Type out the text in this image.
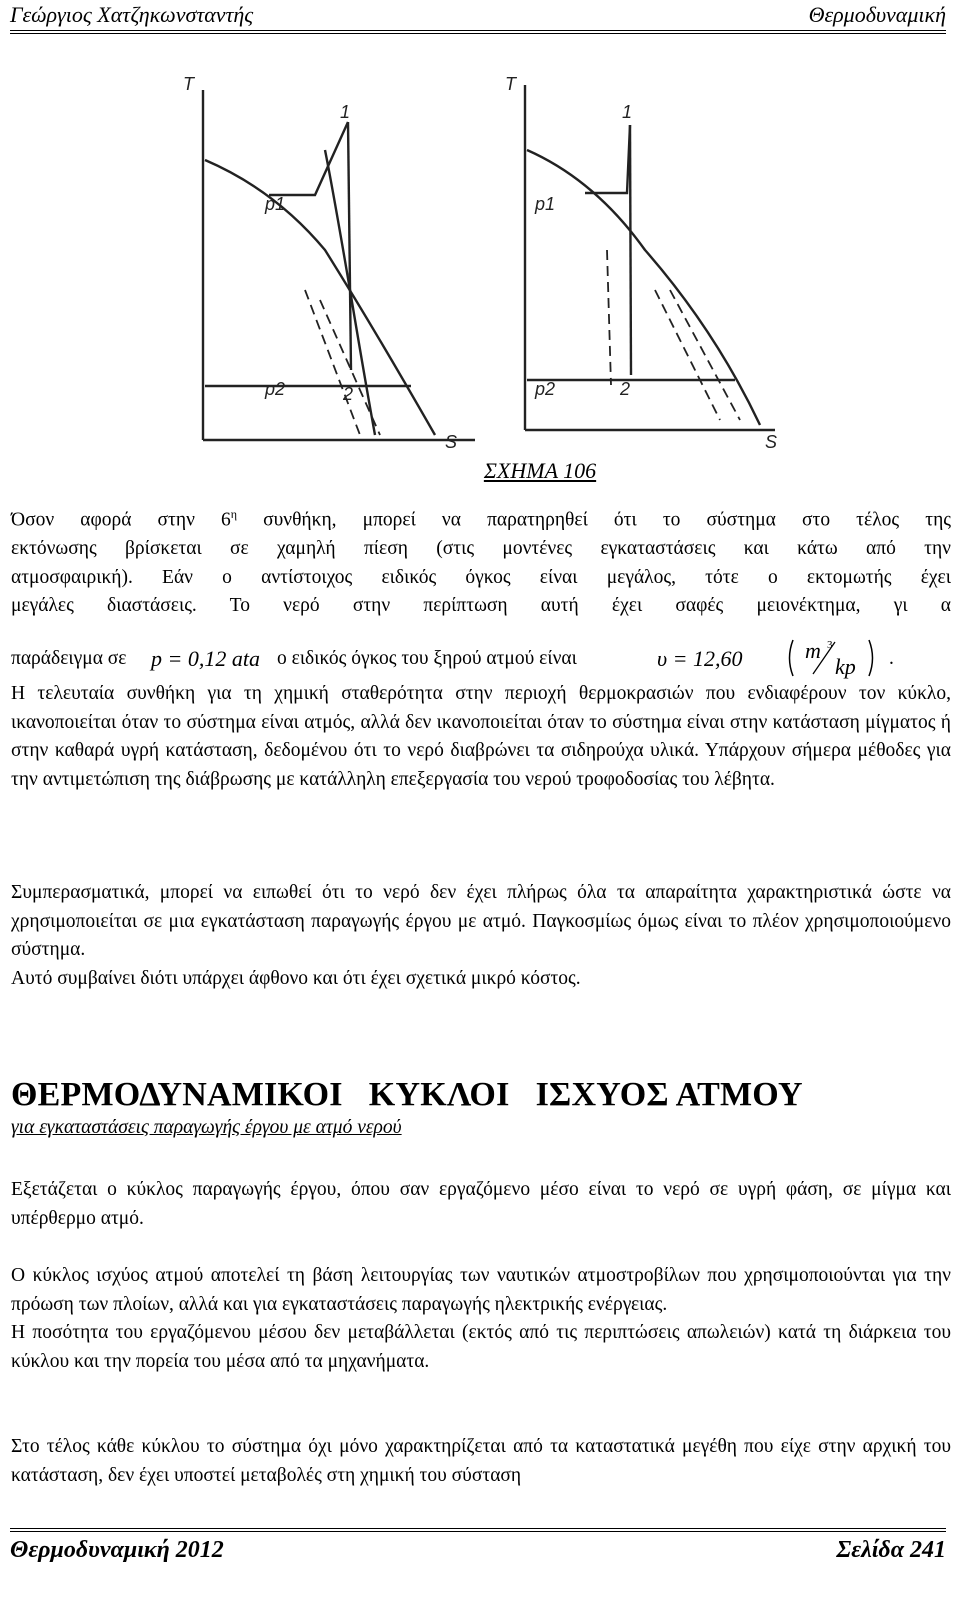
Γεώργιος Χατζηκωνσταντής	Θερμοδυναμική
T
S
p1
p2
1
2
T
S
p1
p2
1
2
ΣΧΗΜΑ 106

Όσον αφορά στην $6^\eta$ συνθήκη, μπορεί να παρατηρηθεί ότι το σύστημα στο τέλος της

εκτόνωσης βρίσκεται σε χαμηλή πίεση (στις μοντένες εγκαταστάσεις και κάτω από την

ατμοσφαιρική). Εάν ο αντίστοιχος ειδικός όγκος είναι μεγάλος, τότε ο εκτομωτής έχει

μεγάλες διαστάσεις. Το νερό στην περίπτωση αυτή έχει σαφές μειονέκτημα, γι α

παράδειγμα σε p = 0,12 ata ο ειδικός όγκος του ξηρού ατμού είναι	υ = 12,60	m 3
kp .
Η τελευταία συνθήκη για τη χημική σταθερότητα στην περιοχή θερμοκρασιών που ενδιαφέρουν τον κύκλο, ικανοποιείται όταν το σύστημα είναι ατμός, αλλά δεν ικανοποιείται όταν το σύστημα είναι στην κατάσταση μίγματος ή στην καθαρά υγρή κατάσταση, δεδομένου ότι το νερό διαβρώνει τα σιδηρούχα υλικά. Υπάρχουν σήμερα μέθοδες για την αντιμετώπιση της διάβρωσης με κατάλληλη επεξεργασία του νερού τροφοδοσίας του λέβητα.

Συμπερασματικά, μπορεί να ειπωθεί ότι το νερό δεν έχει πλήρως όλα τα απαραίτητα χαρακτηριστικά ώστε να χρησιμοποιείται σε μια εγκατάσταση παραγωγής έργου με ατμό. Παγκοσμίως όμως είναι το πλέον χρησιμοποιούμενο σύστημα.

Αυτό συμβαίνει διότι υπάρχει άφθονο και ότι έχει σχετικά μικρό κόστος.

ΘΕΡΜΟΔΥΝΑΜΙΚΟΙ   ΚΥΚΛΟΙ   ΙΣΧΥΟΣ ΑΤΜΟΥ
για εγκαταστάσεις παραγωγής έργου με ατμό νερού
Εξετάζεται ο κύκλος παραγωγής έργου, όπου σαν εργαζόμενο μέσο είναι το νερό σε υγρή φάση, σε μίγμα και υπέρθερμο ατμό.

Ο κύκλος ισχύος ατμού αποτελεί τη βάση λειτουργίας των ναυτικών ατμοστροβίλων που χρησιμοποιούνται για την πρόωση των πλοίων, αλλά και για εγκαταστάσεις παραγωγής ηλεκτρικής ενέργειας.

Η ποσότητα του εργαζόμενου μέσου δεν μεταβάλλεται (εκτός από τις περιπτώσεις απωλειών) κατά τη διάρκεια του κύκλου και την πορεία του μέσα από τα μηχανήματα.

Στο τέλος κάθε κύκλου το σύστημα όχι μόνο χαρακτηρίζεται από τα καταστατικά μεγέθη που είχε στην αρχική του κατάσταση, δεν έχει υποστεί μεταβολές στη χημική του σύσταση
Θερμοδυναμική 2012	Σελίδα 241
